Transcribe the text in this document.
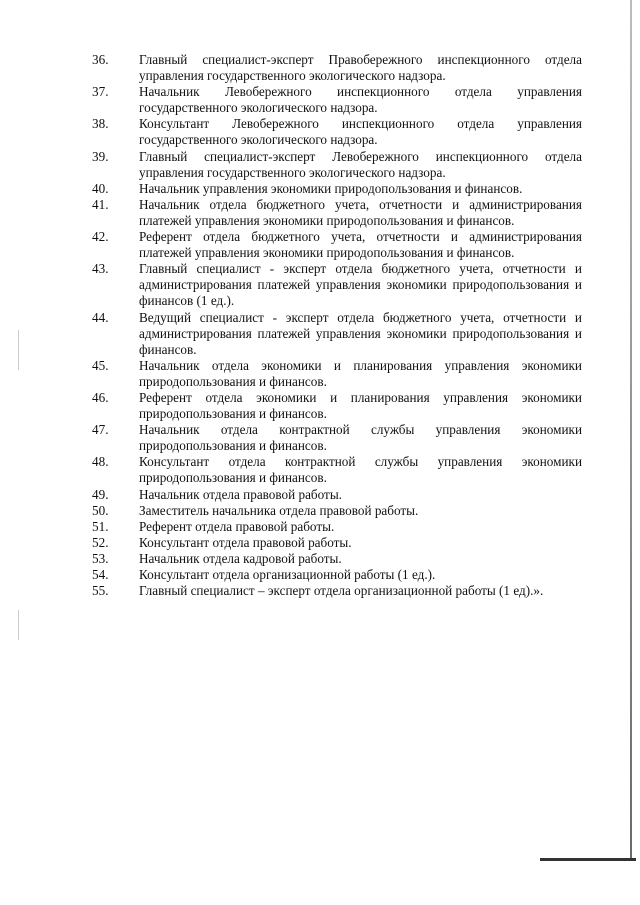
36.	Главный специалист-эксперт Правобережного инспекционного отдела управления государственного экологического надзора.
37.	Начальник Левобережного инспекционного отдела управления государственного экологического надзора.
38.	Консультант Левобережного инспекционного отдела управления государственного экологического надзора.
39.	Главный специалист-эксперт Левобережного инспекционного отдела управления государственного экологического надзора.
40.	Начальник управления экономики природопользования и финансов.
41.	Начальник отдела бюджетного учета, отчетности и администрирования платежей управления экономики природопользования и финансов.
42.	Референт отдела бюджетного учета, отчетности и администрирования платежей управления экономики природопользования и финансов.
43.	Главный специалист - эксперт отдела бюджетного учета, отчетности и администрирования платежей управления экономики природопользования и финансов (1 ед.).
44.	Ведущий специалист - эксперт отдела бюджетного учета, отчетности и администрирования платежей управления экономики природопользования и финансов.
45.	Начальник отдела экономики и планирования управления экономики природопользования и финансов.
46.	Референт отдела экономики и планирования управления экономики природопользования и финансов.
47.	Начальник отдела контрактной службы управления экономики природопользования и финансов.
48.	Консультант отдела контрактной службы управления экономики природопользования и финансов.
49.	Начальник отдела правовой работы.
50.	Заместитель начальника отдела правовой работы.
51.	Референт отдела правовой работы.
52.	Консультант отдела правовой работы.
53.	Начальник отдела кадровой работы.
54.	Консультант отдела организационной работы (1 ед.).
55.	Главный специалист – эксперт отдела организационной работы (1 ед).».
